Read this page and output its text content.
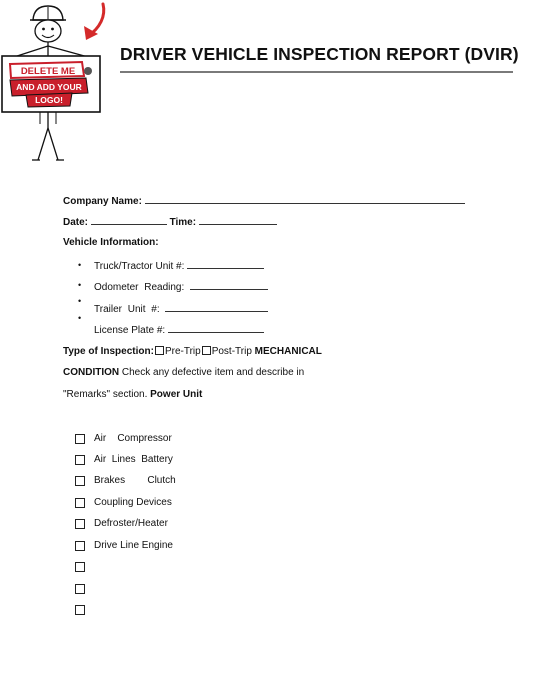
DELETE ME
AND ADD YOUR
LOGO!
DRIVER VEHICLE INSPECTION REPORT (DVIR)
Company Name:
Date:	Time:
Vehicle Information:
•
•
•
•
Truck/Tractor Unit #:
Odometer Reading:
Trailer Unit #:
License Plate #:
Type of Inspection: Pre-Trip Post-Trip MECHANICAL
CONDITION Check any defective item and describe in
"Remarks" section. Power Unit
Air    Compressor
Air  Lines  Battery
Brakes        Clutch
Coupling Devices
Defroster/Heater
Drive Line Engine
